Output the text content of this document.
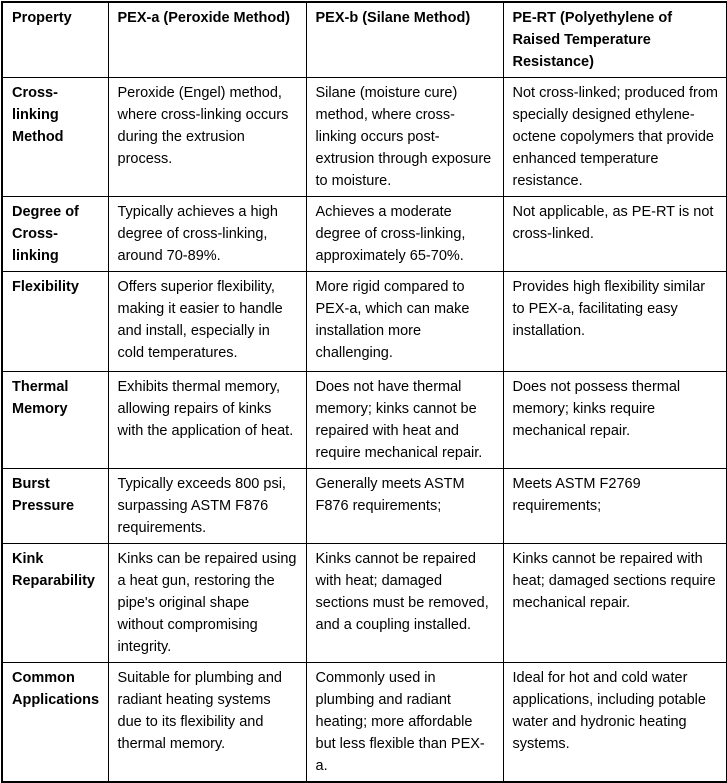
Property	PEX-a (Peroxide Method)	PEX-b (Silane Method)	PE-RT (Polyethylene of Raised Temperature Resistance)
Cross-linking Method	Peroxide (Engel) method, where cross-linking occurs during the extrusion process.	Silane (moisture cure) method, where cross-linking occurs post-extrusion through exposure to moisture.	Not cross-linked; produced from specially designed ethylene-octene copolymers that provide enhanced temperature resistance.
Degree of Cross-linking	Typically achieves a high degree of cross-linking, around 70-89%.	Achieves a moderate degree of cross-linking, approximately 65-70%.	Not applicable, as PE-RT is not cross-linked.
Flexibility	Offers superior flexibility, making it easier to handle and install, especially in cold temperatures.	More rigid compared to PEX-a, which can make installation more challenging.	Provides high flexibility similar to PEX-a, facilitating easy installation.
Thermal Memory	Exhibits thermal memory, allowing repairs of kinks with the application of heat.	Does not have thermal memory; kinks cannot be repaired with heat and require mechanical repair.	Does not possess thermal memory; kinks require mechanical repair.
Burst Pressure	Typically exceeds 800 psi, surpassing ASTM F876 requirements.	Generally meets ASTM F876 requirements;	Meets ASTM F2769 requirements;
Kink Reparability	Kinks can be repaired using a heat gun, restoring the pipe's original shape without compromising integrity.	Kinks cannot be repaired with heat; damaged sections must be removed, and a coupling installed.	Kinks cannot be repaired with heat; damaged sections require mechanical repair.
Common Applications	Suitable for plumbing and radiant heating systems due to its flexibility and thermal memory.	Commonly used in plumbing and radiant heating; more affordable but less flexible than PEX-a.	Ideal for hot and cold water applications, including potable water and hydronic heating systems.
